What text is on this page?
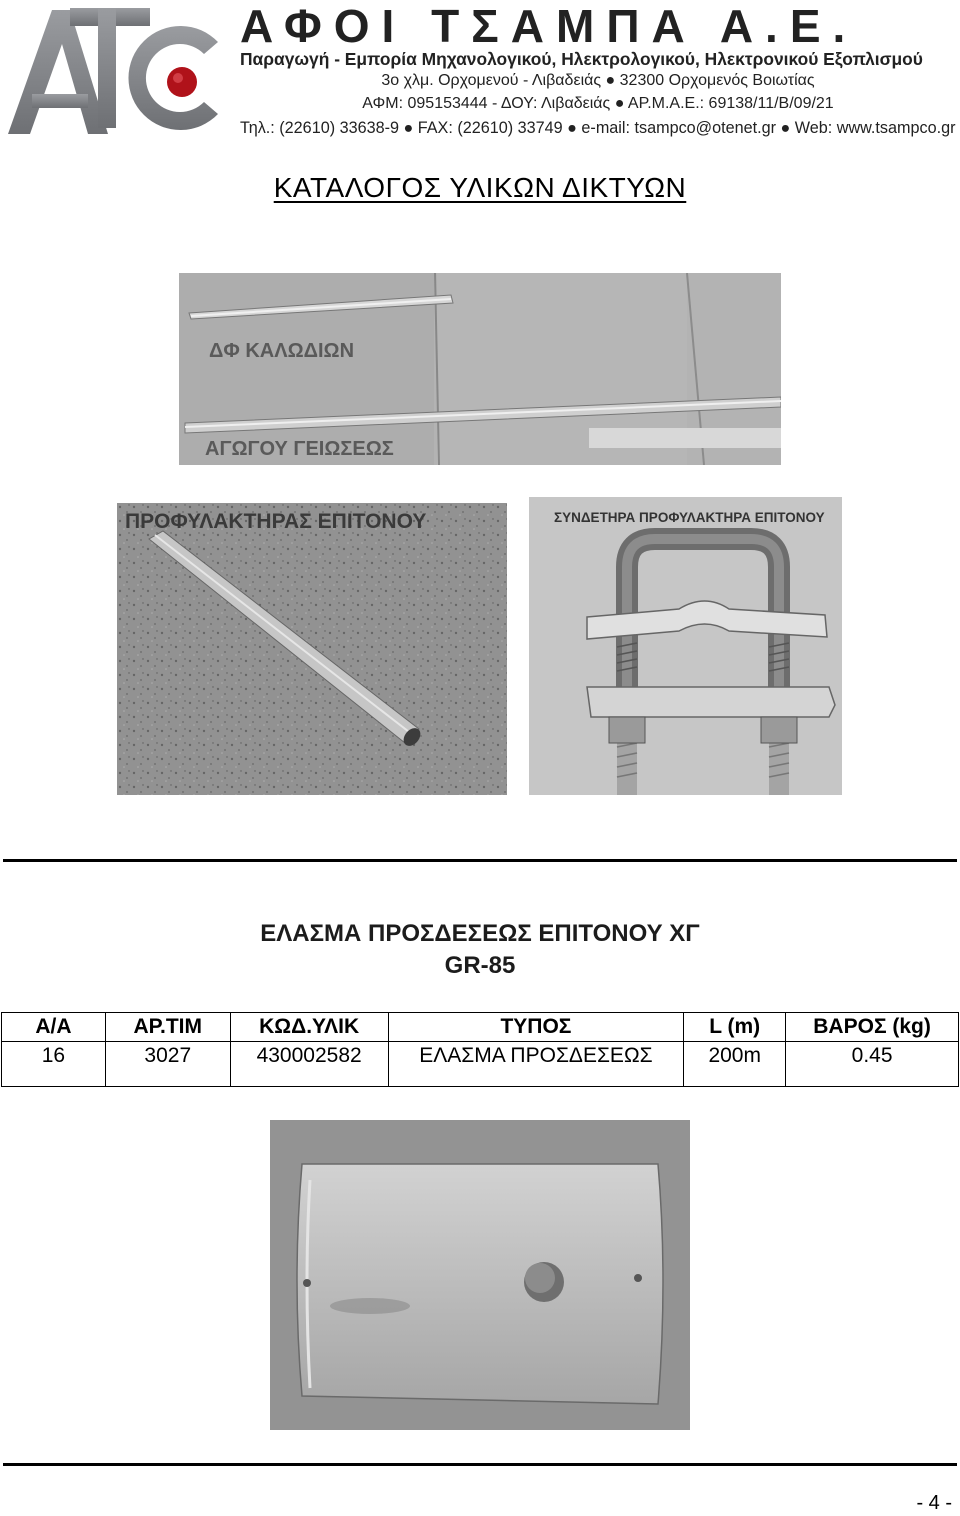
ΑΦΟΙ ΤΣΑΜΠΑ Α.Ε.
Παραγωγή - Εμπορία Μηχανολογικού, Ηλεκτρολογικού, Ηλεκτρονικού Εξοπλισμού
3ο χλμ. Ορχομενού - Λιβαδειάς ● 32300 Ορχομενός Βοιωτίας
ΑΦΜ: 095153444 - ΔΟΥ: Λιβαδειάς ● ΑΡ.Μ.Α.Ε.: 69138/11/Β/09/21
Τηλ.: (22610) 33638-9 ● FAX: (22610) 33749 ● e-mail: tsampco@otenet.gr ● Web: www.tsampco.gr
ΚΑΤΑΛΟΓΟΣ ΥΛΙΚΩΝ ΔΙΚΤΥΩΝ
ΔΦ ΚΑΛΩΔΙΩΝ
ΑΓΩΓΟΥ ΓΕΙΩΣΕΩΣ
ΠΡΟΦΥΛΑΚΤΗΡΑΣ ΕΠΙΤΟΝΟΥ	ΣΥΝΔΕΤΗΡΑ ΠΡΟΦΥΛΑΚΤΗΡΑ ΕΠΙΤΟΝΟΥ
ΕΛΑΣΜΑ ΠΡΟΣΔΕΣΕΩΣ ΕΠΙΤΟΝΟΥ ΧΓ
GR-85
Α/Α	ΑΡ.ΤΙΜ	ΚΩΔ.ΥΛΙΚ	ΤΥΠΟΣ	L (m)	ΒΑΡΟΣ (kg)
16	3027	430002582	ΕΛΑΣΜΑ ΠΡΟΣΔΕΣΕΩΣ	200m	0.45
- 4 -
